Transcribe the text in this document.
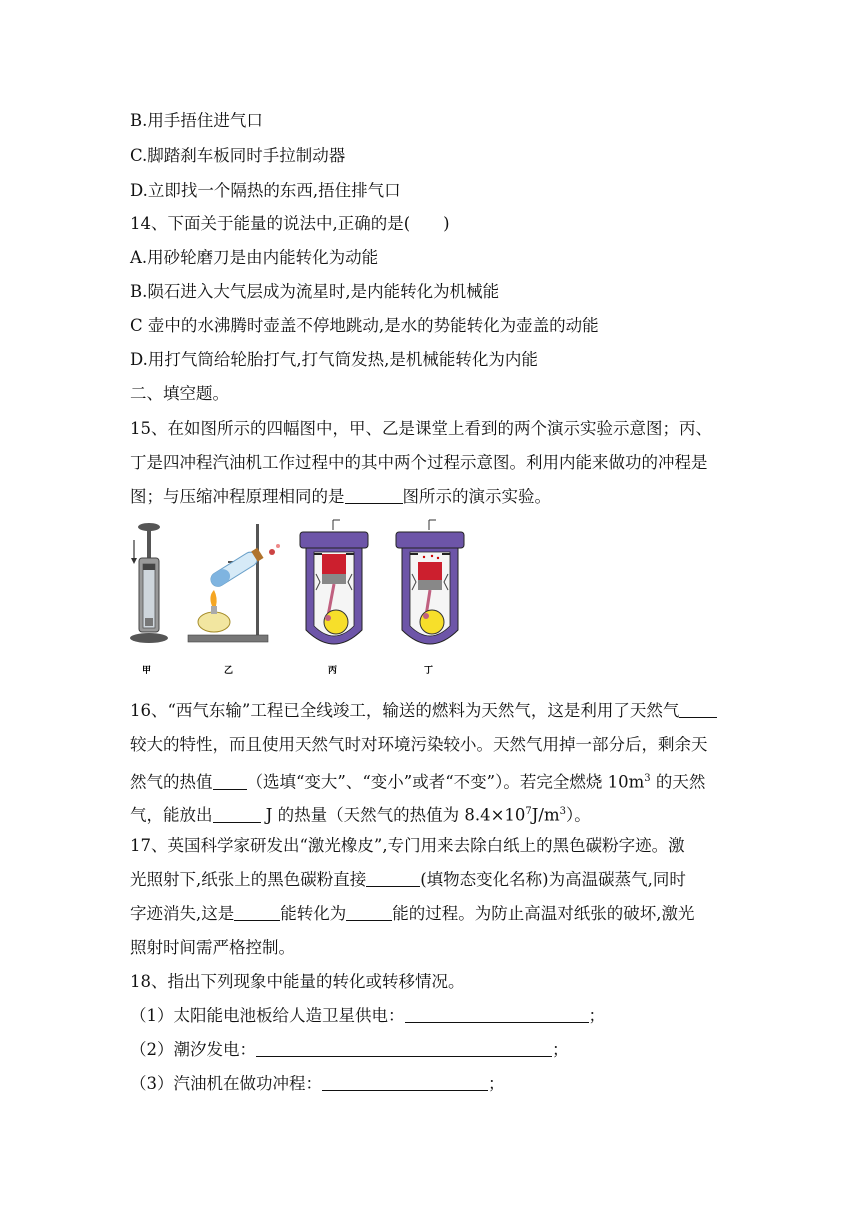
B.用手捂住进气口
C.脚踏刹车板同时手拉制动器
D.立即找一个隔热的东西,捂住排气口
14、下面关于能量的说法中,正确的是(　　)
A.用砂轮磨刀是由内能转化为动能
B.陨石进入大气层成为流星时,是内能转化为机械能
C 壶中的水沸腾时壶盖不停地跳动,是水的势能转化为壶盖的动能
D.用打气筒给轮胎打气,打气筒发热,是机械能转化为内能
二、填空题。
15、在如图所示的四幅图中，甲、乙是课堂上看到的两个演示实验示意图；丙、
丁是四冲程汽油机工作过程中的其中两个过程示意图。利用内能来做功的冲程是
图；与压缩冲程原理相同的是	图所示的演示实验。
甲	乙	丙	丁
16、“西气东输”工程已全线竣工，输送的燃料为天然气，这是利用了天然气
较大的特性，而且使用天然气时对环境污染较小。天然气用掉一部分后，剩余天
然气的热值 （选填“变大”、“变小”或者“不变”）。若完全燃烧 $10m^3$ 的天然
气，能放出	J 的热量（天然气的热值为 $8.4\times 10^7J/m^3$）。
17、英国科学家研发出“激光橡皮”,专门用来去除白纸上的黑色碳粉字迹。激
光照射下,纸张上的黑色碳粉直接	(填物态变化名称)为高温碳蒸气,同时
字迹消失,这是	能转化为	能的过程。为防止高温对纸张的破坏,激光
照射时间需严格控制。
18、指出下列现象中能量的转化或转移情况。
（1）太阳能电池板给人造卫星供电：	；
（2）潮汐发电：	；
（3）汽油机在做功冲程：	；
